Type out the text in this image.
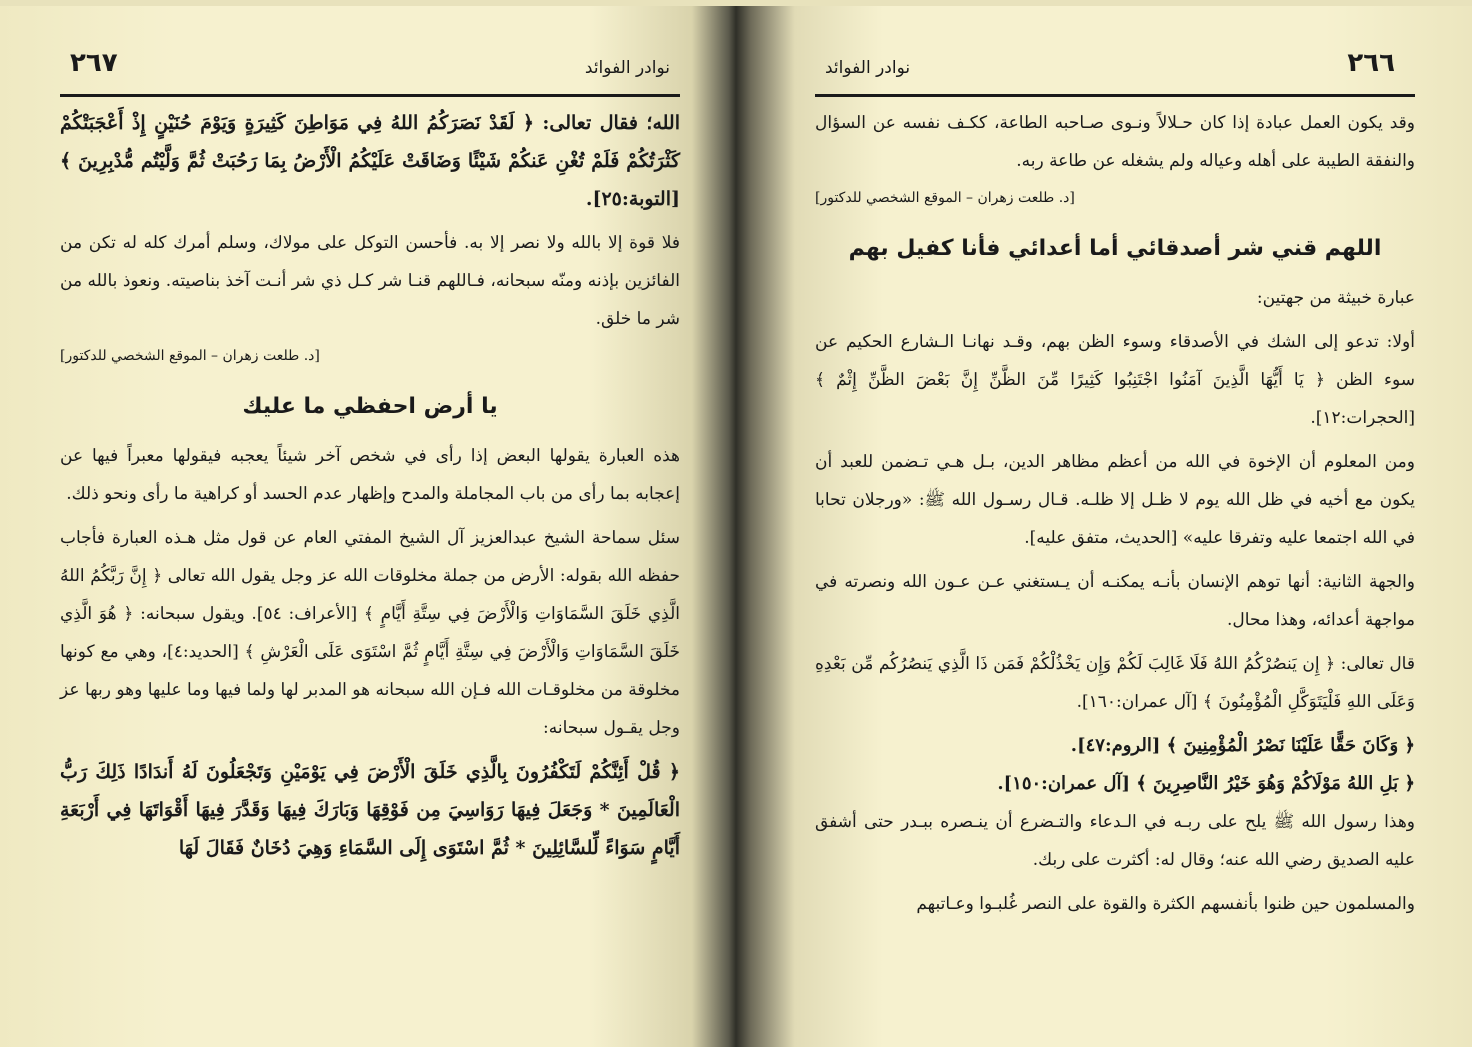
نوادر الفوائد
٢٦٧

الله؛ فقال تعالى: ﴿ لَقَدْ نَصَرَكُمُ اللهُ فِي مَوَاطِنَ كَثِيرَةٍ وَيَوْمَ حُنَيْنٍ إِذْ أَعْجَبَتْكُمْ كَثْرَتُكُمْ فَلَمْ تُغْنِ عَنكُمْ شَيْئًا وَضَاقَتْ عَلَيْكُمُ الْأَرْضُ بِمَا رَحُبَتْ ثُمَّ وَلَّيْتُم مُّدْبِرِينَ ﴾ [التوبة:٢٥].

فلا قوة إلا بالله ولا نصر إلا به. فأحسن التوكل على مولاك، وسلم أمرك كله له تكن من الفائزين بإذنه ومنّه سبحانه، فـاللهم قنـا شر كـل ذي شر أنـت آخذ بناصيته. ونعوذ بالله من شر ما خلق.

[د. طلعت زهران – الموقع الشخصي للدكتور]
يا أرض احفظي ما عليك

هذه العبارة يقولها البعض إذا رأى في شخص آخر شيئاً يعجبه فيقولها معبراً فيها عن إعجابه بما رأى من باب المجاملة والمدح وإظهار عدم الحسد أو كراهية ما رأى ونحو ذلك.

سئل سماحة الشيخ عبدالعزيز آل الشيخ المفتي العام عن قول مثل هـذه العبارة فأجاب حفظه الله بقوله: الأرض من جملة مخلوقات الله عز وجل يقول الله تعالى ﴿ إِنَّ رَبَّكُمُ اللهُ الَّذِي خَلَقَ السَّمَاوَاتِ وَالْأَرْضَ فِي سِتَّةِ أَيَّامٍ ﴾ [الأعراف: ٥٤]. ويقول سبحانه: ﴿ هُوَ الَّذِي خَلَقَ السَّمَاوَاتِ وَالْأَرْضَ فِي سِتَّةِ أَيَّامٍ ثُمَّ اسْتَوَى عَلَى الْعَرْشِ ﴾ [الحديد:٤]، وهي مع كونها مخلوقة من مخلوقـات الله فـإن الله سبحانه هو المدبر لها ولما فيها وما عليها وهو ربها عز وجل يقـول سبحانه:

﴿ قُلْ أَئِنَّكُمْ لَتَكْفُرُونَ بِالَّذِي خَلَقَ الْأَرْضَ فِي يَوْمَيْنِ وَتَجْعَلُونَ لَهُ أَندَادًا ذَلِكَ رَبُّ الْعَالَمِينَ * وَجَعَلَ فِيهَا رَوَاسِيَ مِن فَوْقِهَا وَبَارَكَ فِيهَا وَقَدَّرَ فِيهَا أَقْوَاتَهَا فِي أَرْبَعَةِ أَيَّامٍ سَوَاءً لِّلسَّائِلِينَ * ثُمَّ اسْتَوَى إِلَى السَّمَاءِ وَهِيَ دُخَانٌ فَقَالَ لَهَا

نوادر الفوائد	٢٦٦

وقد يكون العمل عبادة إذا كان حـلالاً ونـوى صـاحبه الطاعة، ككـف نفسه عن السؤال والنفقة الطيبة على أهله وعياله ولم يشغله عن طاعة ربه.

[د. طلعت زهران – الموقع الشخصي للدكتور]
اللهم قني شر أصدقائي أما أعدائي فأنا كفيل بهم

عبارة خبيثة من جهتين:

أولا: تدعو إلى الشك في الأصدقاء وسوء الظن بهم، وقـد نهانـا الـشارع الحكيم عن سوء الظن ﴿ يَا أَيُّهَا الَّذِينَ آمَنُوا اجْتَنِبُوا كَثِيرًا مِّنَ الظَّنِّ إِنَّ بَعْضَ الظَّنِّ إِثْمٌ ﴾ [الحجرات:١٢].

ومن المعلوم أن الإخوة في الله من أعظم مظاهر الدين، بـل هـي تـضمن للعبد أن يكون مع أخيه في ظل الله يوم لا ظـل إلا ظلـه. قـال رسـول الله ﷺ: «ورجلان تحابا في الله اجتمعا عليه وتفرقا عليه» [الحديث، متفق عليه].

والجهة الثانية: أنها توهم الإنسان بأنـه يمكنـه أن يـستغني عـن عـون الله ونصرته في مواجهة أعدائه، وهذا محال.

قال تعالى: ﴿ إِن يَنصُرْكُمُ اللهُ فَلَا غَالِبَ لَكُمْ وَإِن يَخْذُلْكُمْ فَمَن ذَا الَّذِي يَنصُرُكُم مِّن بَعْدِهِ وَعَلَى اللهِ فَلْيَتَوَكَّلِ الْمُؤْمِنُونَ ﴾ [آل عمران:١٦٠].

﴿ وَكَانَ حَقًّا عَلَيْنَا نَصْرُ الْمُؤْمِنِينَ ﴾ [الروم:٤٧].
﴿ بَلِ اللهُ مَوْلَاكُمْ وَهُوَ خَيْرُ النَّاصِرِينَ ﴾ [آل عمران:١٥٠].

وهذا رسول الله ﷺ يلح على ربـه في الـدعاء والتـضرع أن ينـصره ببـدر حتى أشفق عليه الصديق رضي الله عنه؛ وقال له: أكثرت على ربك.

والمسلمون حين ظنوا بأنفسهم الكثرة والقوة على النصر غُلبـوا وعـاتبهم
